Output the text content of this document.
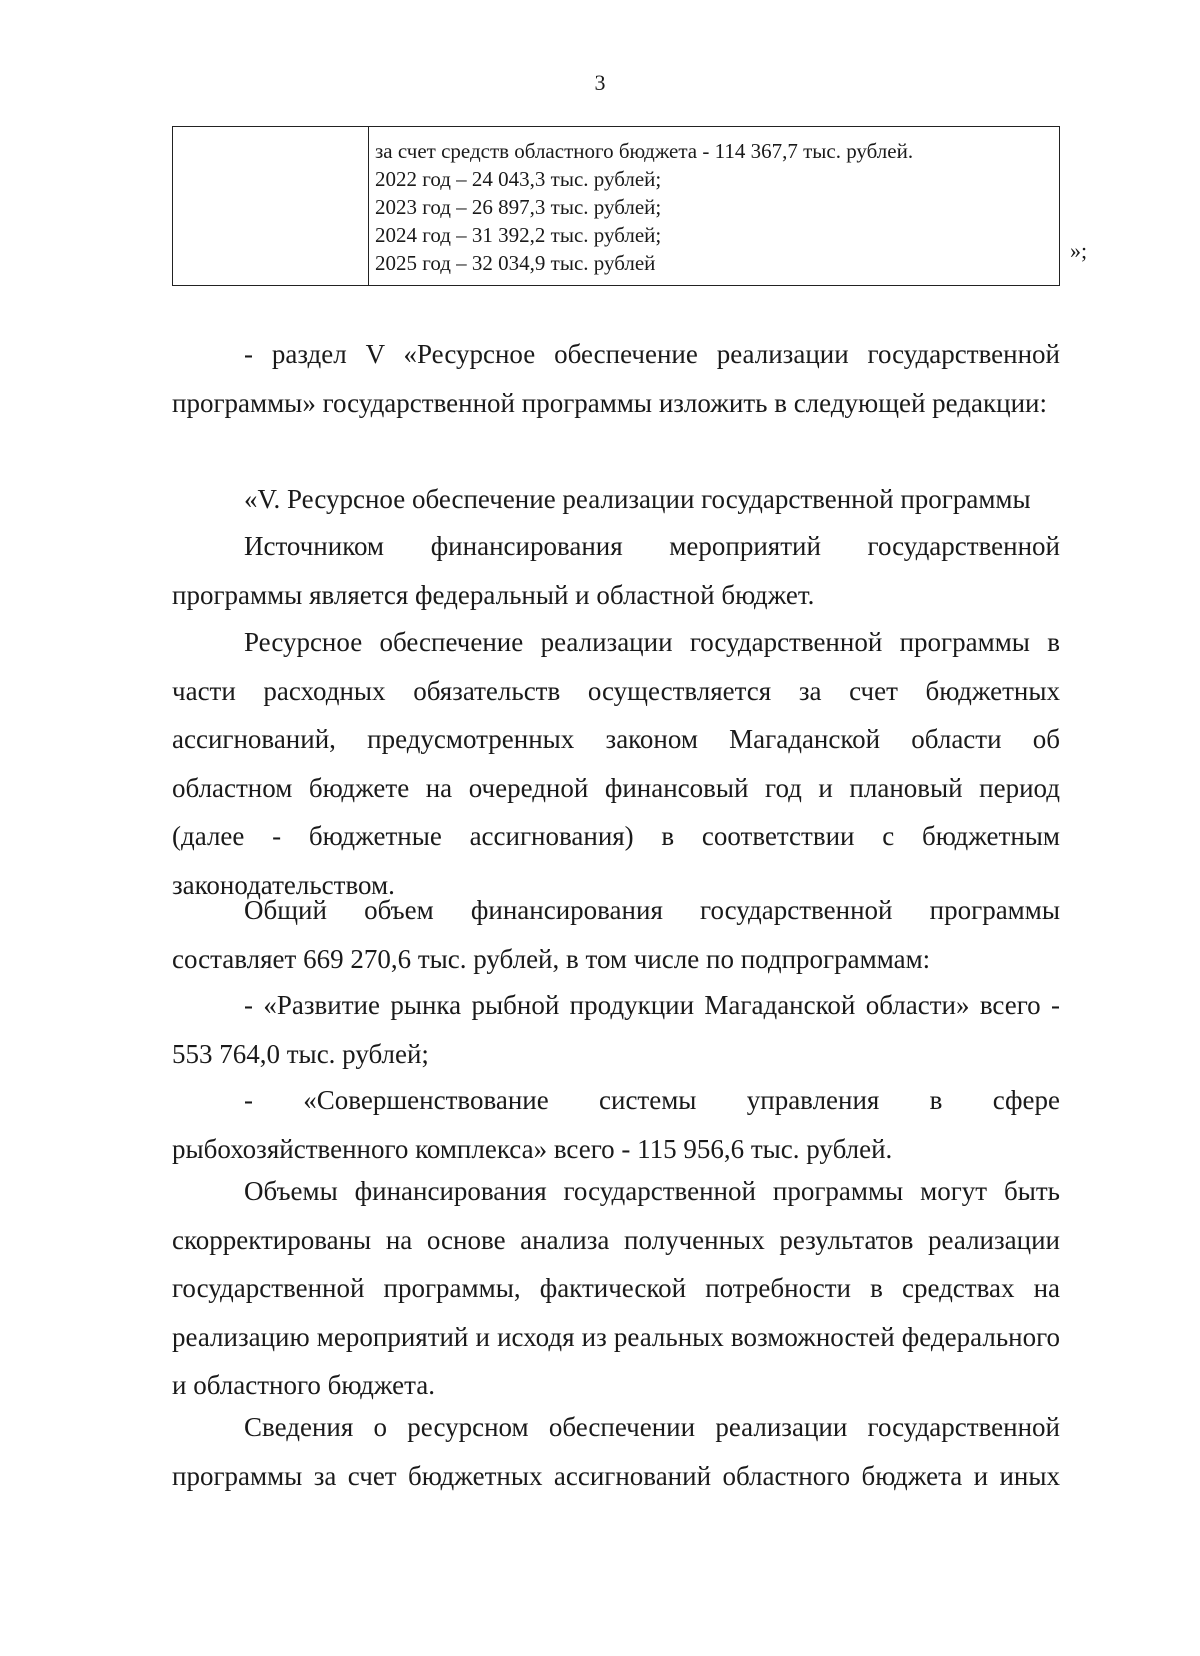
3
за счет средств областного бюджета - 114 367,7 тыс. рублей.
2022 год – 24 043,3 тыс. рублей;
2023 год – 26 897,3 тыс. рублей;
2024 год – 31 392,2 тыс. рублей;
2025 год – 32 034,9 тыс. рублей	»;

- раздел V «Ресурсное обеспечение реализации государственной программы» государственной программы изложить в следующей редакции:

«V. Ресурсное обеспечение реализации государственной программы

Источником финансирования мероприятий государственной программы является федеральный и областной бюджет.

Ресурсное обеспечение реализации государственной программы в части расходных обязательств осуществляется за счет бюджетных ассигнований, предусмотренных законом Магаданской области об областном бюджете на очередной финансовый год и плановый период (далее - бюджетные ассигнования) в соответствии с бюджетным законодательством.

Общий объем финансирования государственной программы составляет 669 270,6 тыс. рублей, в том числе по подпрограммам:

- «Развитие рынка рыбной продукции Магаданской области» всего - 553 764,0 тыс. рублей;

- «Совершенствование системы управления в сфере рыбохозяйственного комплекса» всего - 115 956,6 тыс. рублей.

Объемы финансирования государственной программы могут быть скорректированы на основе анализа полученных результатов реализации государственной программы, фактической потребности в средствах на реализацию мероприятий и исходя из реальных возможностей федерального и областного бюджета.

Сведения о ресурсном обеспечении реализации государственной программы за счет бюджетных ассигнований областного бюджета и иных
